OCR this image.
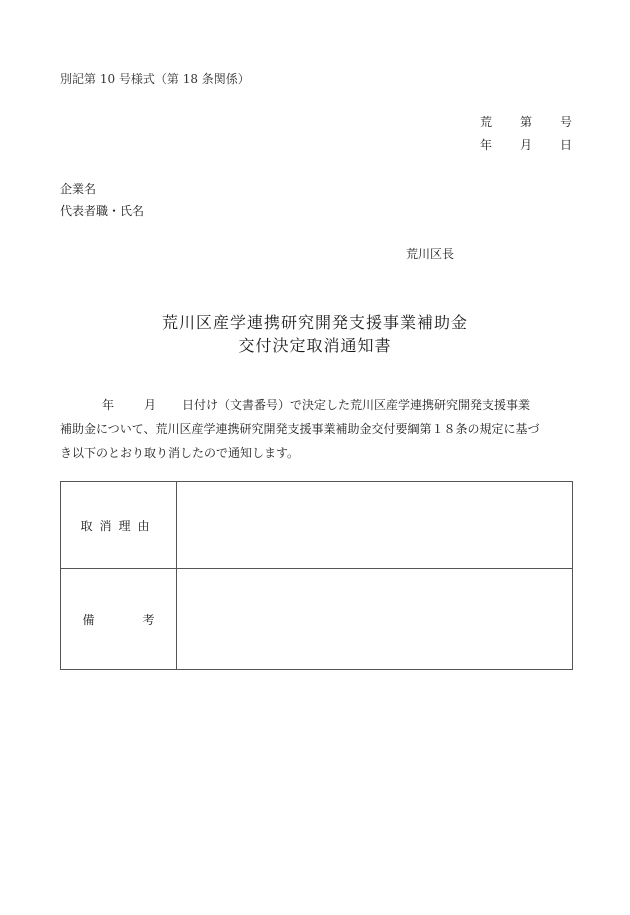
別記第 10 号様式（第 18 条関係）
荒 第 号
年 月 日
企業名
代表者職・氏名
荒川区長
荒川区産学連携研究開発支援事業補助金
交付決定取消通知書
年 月 日付け（文書番号）で決定した荒川区産学連携研究開発支援事業
補助金について、荒川区産学連携研究開発支援事業補助金交付要綱第１８条の規定に基づ
き以下のとおり取り消したので通知します。
取消理由	
備 考	
